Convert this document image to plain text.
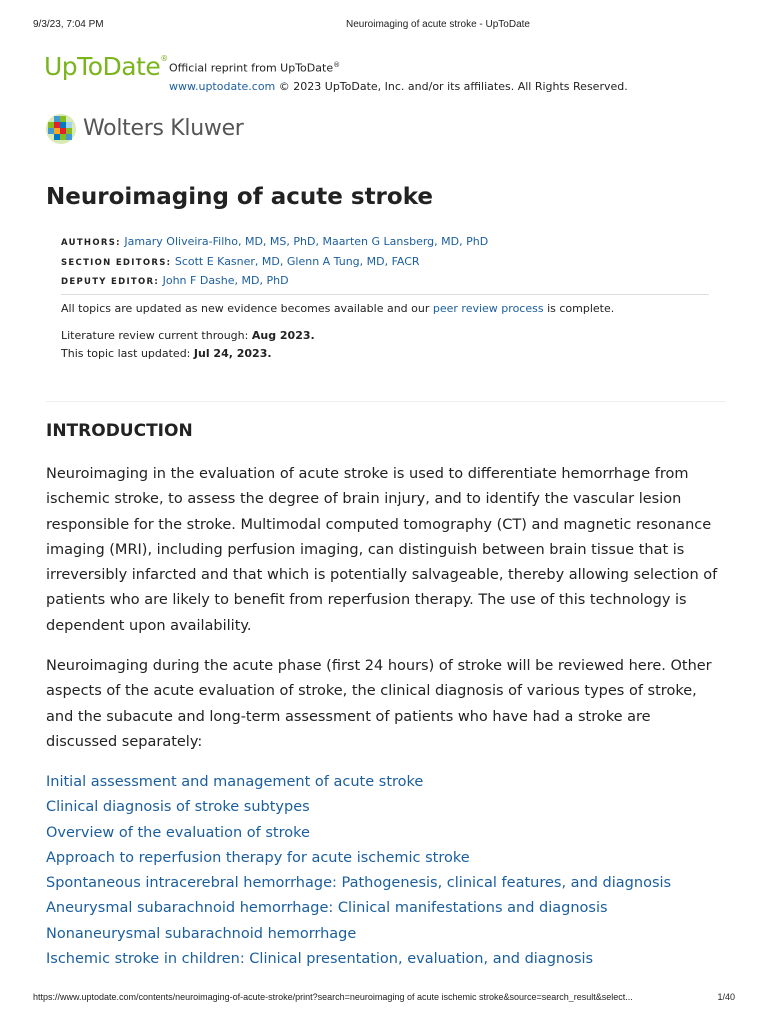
9/3/23, 7:04 PM	Neuroimaging of acute stroke - UpToDate
UpToDate®
Official reprint from UpToDate®
www.uptodate.com © 2023 UpToDate, Inc. and/or its affiliates. All Rights Reserved.
Wolters Kluwer
Neuroimaging of acute stroke
AUTHORS: Jamary Oliveira-Filho, MD, MS, PhD, Maarten G Lansberg, MD, PhD
SECTION EDITORS: Scott E Kasner, MD, Glenn A Tung, MD, FACR
DEPUTY EDITOR: John F Dashe, MD, PhD
All topics are updated as new evidence becomes available and our peer review process is complete.
Literature review current through: Aug 2023.
This topic last updated: Jul 24, 2023.
INTRODUCTION

Neuroimaging in the evaluation of acute stroke is used to differentiate hemorrhage from ischemic stroke, to assess the degree of brain injury, and to identify the vascular lesion responsible for the stroke. Multimodal computed tomography (CT) and magnetic resonance imaging (MRI), including perfusion imaging, can distinguish between brain tissue that is irreversibly infarcted and that which is potentially salvageable, thereby allowing selection of patients who are likely to benefit from reperfusion therapy. The use of this technology is dependent upon availability.

Neuroimaging during the acute phase (first 24 hours) of stroke will be reviewed here. Other aspects of the acute evaluation of stroke, the clinical diagnosis of various types of stroke, and the subacute and long-term assessment of patients who have had a stroke are discussed separately:

Initial assessment and management of acute stroke
Clinical diagnosis of stroke subtypes
Overview of the evaluation of stroke
Approach to reperfusion therapy for acute ischemic stroke
Spontaneous intracerebral hemorrhage: Pathogenesis, clinical features, and diagnosis
Aneurysmal subarachnoid hemorrhage: Clinical manifestations and diagnosis
Nonaneurysmal subarachnoid hemorrhage
Ischemic stroke in children: Clinical presentation, evaluation, and diagnosis
https://www.uptodate.com/contents/neuroimaging-of-acute-stroke/print?search=neuroimaging of acute ischemic stroke&source=search_result&select...	1/40
